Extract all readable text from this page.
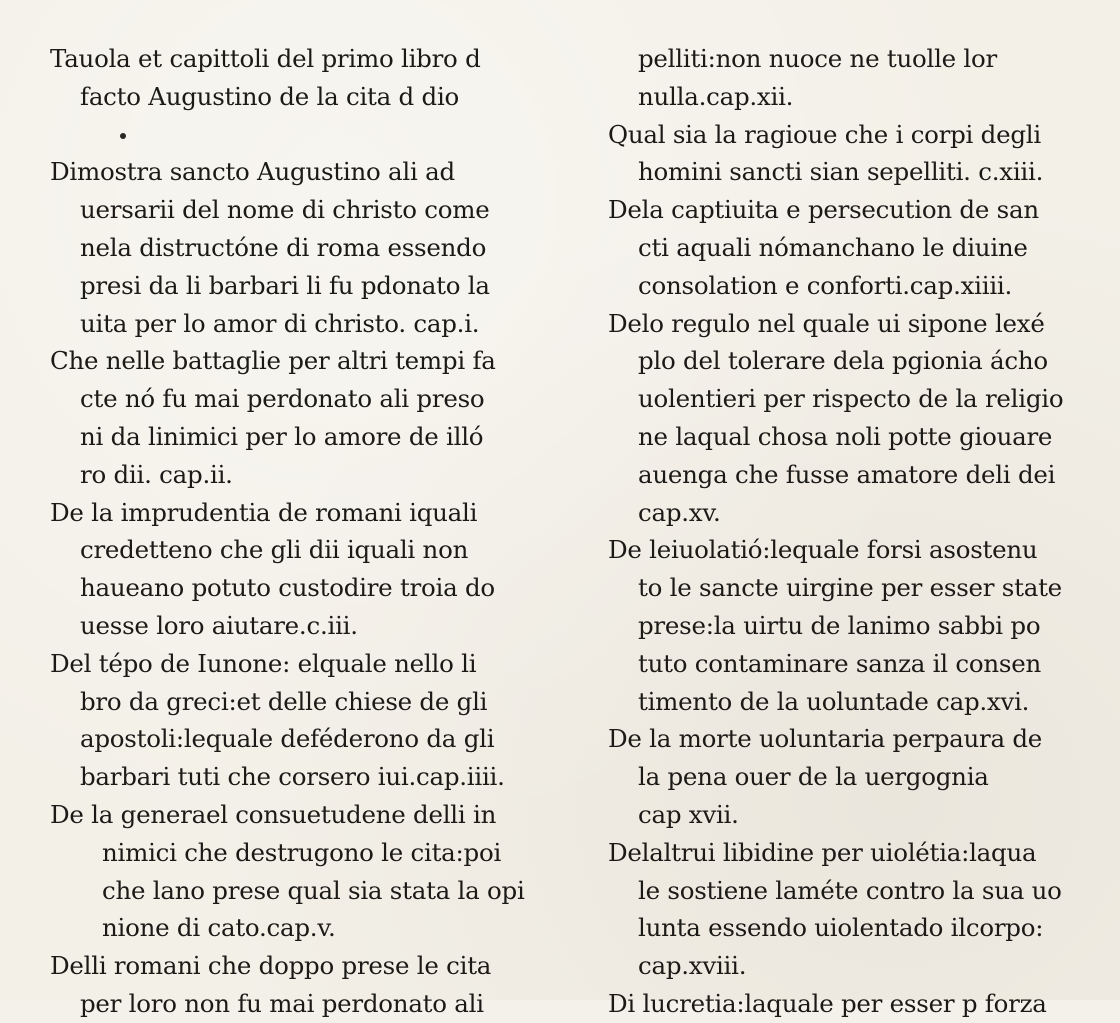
Tauola et capittoli del primo libro d
facto Augustino de la cita d dio
Dimostra sancto Augustino ali ad
uersarii del nome di christo come
nela distructóne di roma essendo
presi da li barbari li fu pdonato la
uita per lo amor di christo. cap.i.
Che nelle battaglie per altri tempi fa
cte nó fu mai perdonato ali preso
ni da linimici per lo amore de illó
ro dii. cap.ii.
De la imprudentia de romani iquali
credetteno che gli dii iquali non
haueano potuto custodire troia do
uesse loro aiutare.c.iii.
Del tépo de Iunone: elquale nello li
bro da greci:et delle chiese de gli
apostoli:lequale deféderono da gli
barbari tuti che corsero iui.cap.iiii.
De la generael consuetudene delli in
nimici che destrugono le cita:poi
che lano prese qual sia stata la opi
nione di cato.cap.v.
Delli romani che doppo prese le cita
per loro non fu mai perdonato ali
pelliti:non nuoce ne tuolle lor
nulla.cap.xii.
Qual sia la ragioue che i corpi degli
homini sancti sian sepelliti. c.xiii.
Dela captiuita e persecution de san
cti aquali nómanchano le diuine
consolation e conforti.cap.xiiii.
Delo regulo nel quale ui sipone lexé
plo del tolerare dela pgionia ácho
uolentieri per rispecto de la religio
ne laqual chosa noli potte giouare
auenga che fusse amatore deli dei
cap.xv.
De leiuolatió:lequale forsi asostenu
to le sancte uirgine per esser state
prese:la uirtu de lanimo sabbi po
tuto contaminare sanza il consen
timento de la uoluntade cap.xvi.
De la morte uoluntaria perpaura de
la pena ouer de la uergognia
cap xvii.
Delaltrui libidine per uiolétia:laqua
le sostiene laméte contro la sua uo
lunta essendo uiolentado ilcorpo:
cap.xviii.
Di lucretia:laquale per esser p forza
